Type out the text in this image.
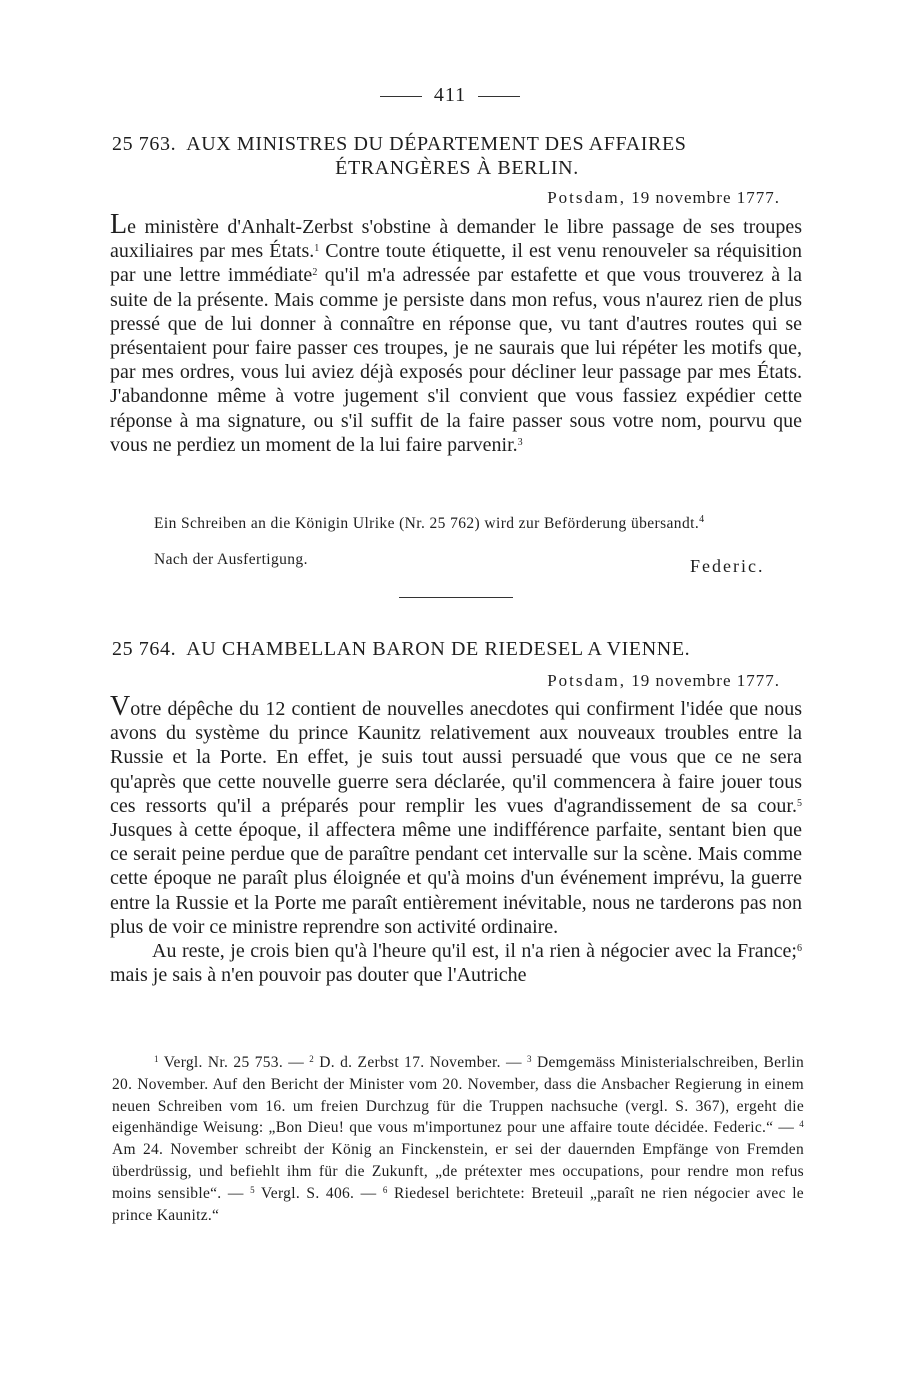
411
25 763. AUX MINISTRES DU DÉPARTEMENT DES AFFAIRES
ÉTRANGÈRES À BERLIN.
Potsdam, 19 novembre 1777.

Le ministère d'Anhalt-Zerbst s'obstine à demander le libre passage de ses troupes auxiliaires par mes États.$^1$ Contre toute étiquette, il est venu renouveler sa réquisition par une lettre immédiate$^2$ qu'il m'a adressée par estafette et que vous trouverez à la suite de la présente. Mais comme je persiste dans mon refus, vous n'aurez rien de plus pressé que de lui donner à connaître en réponse que, vu tant d'autres routes qui se présentaient pour faire passer ces troupes, je ne saurais que lui répéter les motifs que, par mes ordres, vous lui aviez déjà exposés pour décliner leur passage par mes États. J'abandonne même à votre jugement s'il convient que vous fassiez expédier cette réponse à ma signature, ou s'il suffit de la faire passer sous votre nom, pourvu que vous ne perdiez un moment de la lui faire parvenir.$^3$

Ein Schreiben an die Königin Ulrike (Nr. 25 762) wird zur Beförderung übersandt.$^4$

Nach der Ausfertigung.	Federic.
25 764. AU CHAMBELLAN BARON DE RIEDESEL A VIENNE.
Potsdam, 19 novembre 1777.

Votre dépêche du 12 contient de nouvelles anecdotes qui confirment l'idée que nous avons du système du prince Kaunitz relativement aux nouveaux troubles entre la Russie et la Porte. En effet, je suis tout aussi persuadé que vous que ce ne sera qu'après que cette nouvelle guerre sera déclarée, qu'il commencera à faire jouer tous ces ressorts qu'il a préparés pour remplir les vues d'agrandissement de sa cour.$^5$ Jusques à cette époque, il affectera même une indifférence parfaite, sentant bien que ce serait peine perdue que de paraître pendant cet intervalle sur la scène. Mais comme cette époque ne paraît plus éloignée et qu'à moins d'un événement imprévu, la guerre entre la Russie et la Porte me paraît entièrement inévitable, nous ne tarderons pas non plus de voir ce ministre reprendre son activité ordinaire.

Au reste, je crois bien qu'à l'heure qu'il est, il n'a rien à négocier avec la France;$^6$ mais je sais à n'en pouvoir pas douter que l'Autriche

$^1$ Vergl. Nr. 25 753. — $^2$ D. d. Zerbst 17. November. — $^3$ Demgemäss Ministerialschreiben, Berlin 20. November. Auf den Bericht der Minister vom 20. November, dass die Ansbacher Regierung in einem neuen Schreiben vom 16. um freien Durchzug für die Truppen nachsuche (vergl. S. 367), ergeht die eigenhändige Weisung: „Bon Dieu! que vous m'importunez pour une affaire toute décidée. Federic.“ — $^4$ Am 24. November schreibt der König an Finckenstein, er sei der dauernden Empfänge von Fremden überdrüssig, und befiehlt ihm für die Zukunft, „de prétexter mes occupations, pour rendre mon refus moins sensible“. — $^5$ Vergl. S. 406. — $^6$ Riedesel berichtete: Breteuil „paraît ne rien négocier avec le prince Kaunitz.“
